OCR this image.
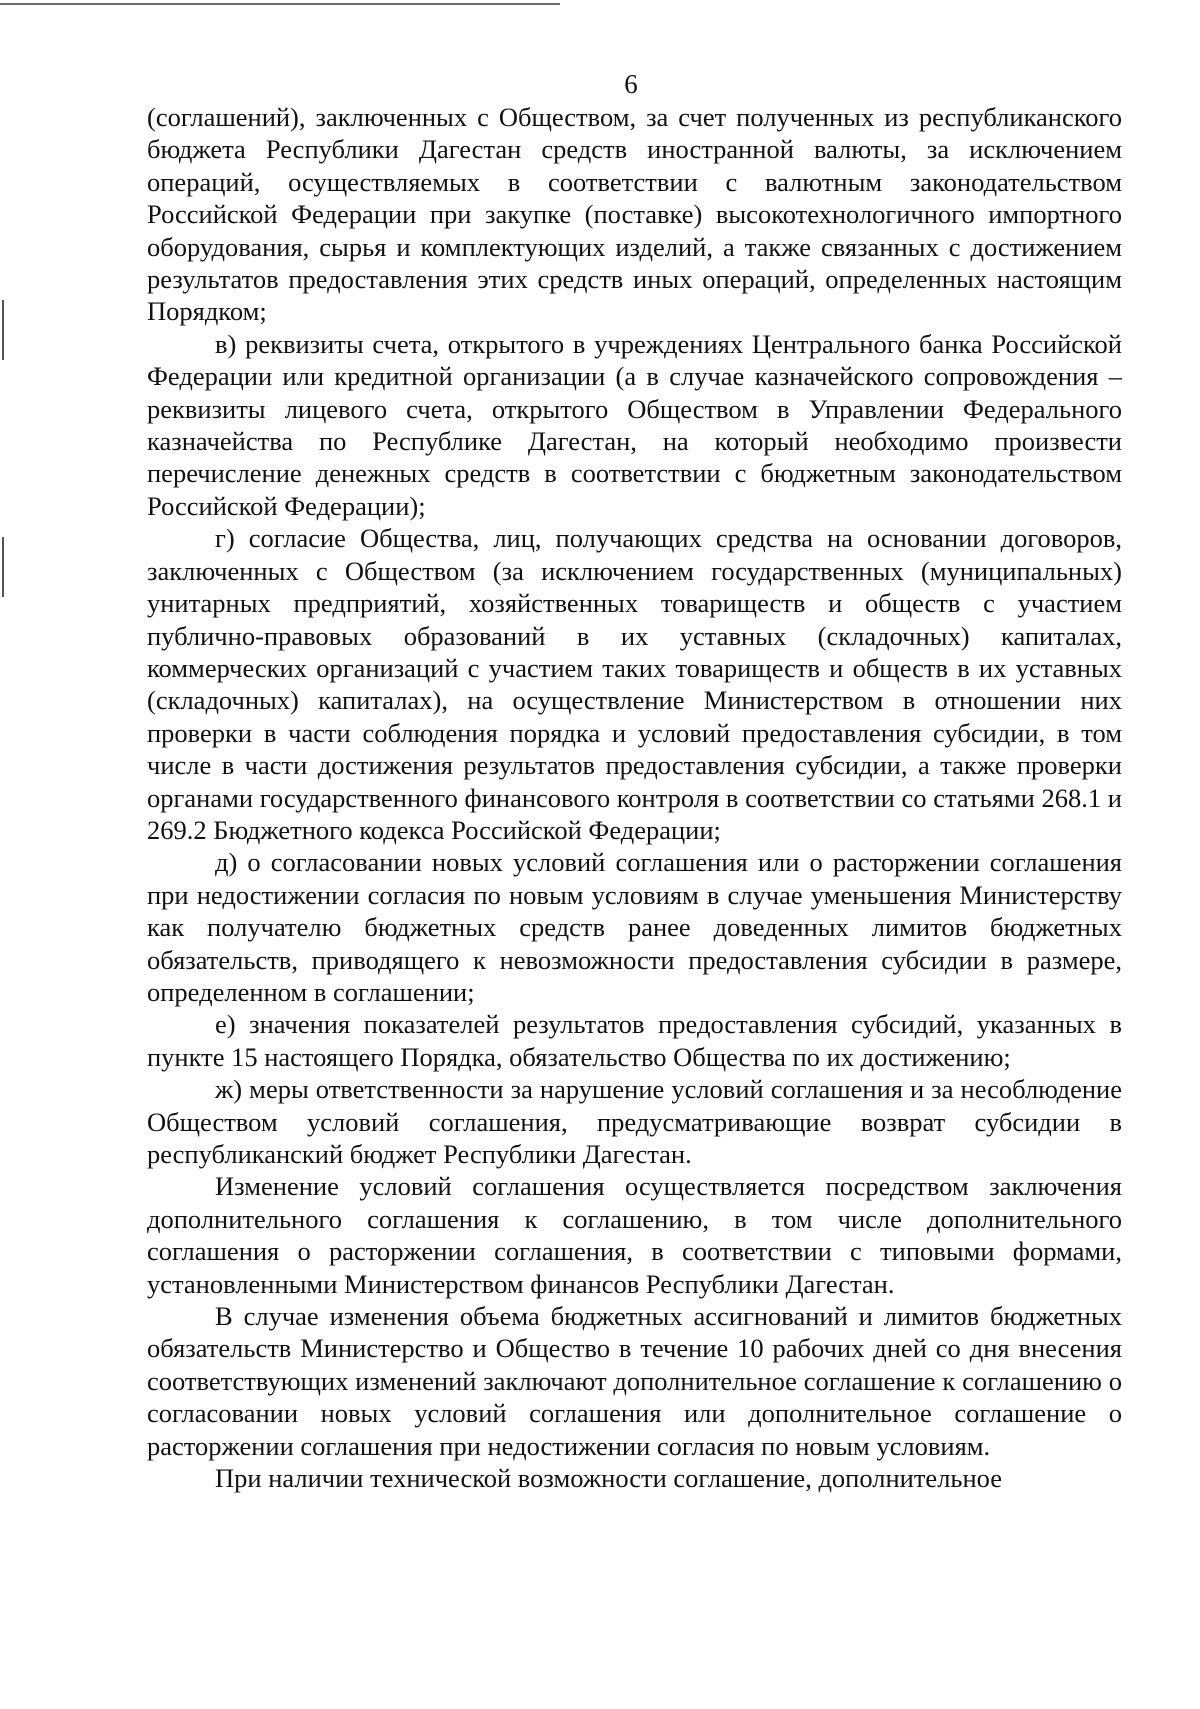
6

(соглашений), заключенных с Обществом, за счет полученных из республиканского бюджета Республики Дагестан средств иностранной валюты, за исключением операций, осуществляемых в соответствии с валютным законодательством Российской Федерации при закупке (поставке) высокотехнологичного импортного оборудования, сырья и комплектующих изделий, а также связанных с достижением результатов предоставления этих средств иных операций, определенных настоящим Порядком;

в) реквизиты счета, открытого в учреждениях Центрального банка Российской Федерации или кредитной организации (а в случае казначейского сопровождения – реквизиты лицевого счета, открытого Обществом в Управлении Федерального казначейства по Республике Дагестан, на который необходимо произвести перечисление денежных средств в соответствии с бюджетным законодательством Российской Федерации);

г) согласие Общества, лиц, получающих средства на основании договоров, заключенных с Обществом (за исключением государственных (муниципальных) унитарных предприятий, хозяйственных товариществ и обществ с участием публично-правовых образований в их уставных (складочных) капиталах, коммерческих организаций с участием таких товариществ и обществ в их уставных (складочных) капиталах), на осуществление Министерством в отношении них проверки в части соблюдения порядка и условий предоставления субсидии, в том числе в части достижения результатов предоставления субсидии, а также проверки органами государственного финансового контроля в соответствии со статьями 268.1 и 269.2 Бюджетного кодекса Российской Федерации;

д) о согласовании новых условий соглашения или о расторжении соглашения при недостижении согласия по новым условиям в случае уменьшения Министерству как получателю бюджетных средств ранее доведенных лимитов бюджетных обязательств, приводящего к невозможности предоставления субсидии в размере, определенном в соглашении;

е) значения показателей результатов предоставления субсидий, указанных в пункте 15 настоящего Порядка, обязательство Общества по их достижению;

ж) меры ответственности за нарушение условий соглашения и за несоблюдение Обществом условий соглашения, предусматривающие возврат субсидии в республиканский бюджет Республики Дагестан.

Изменение условий соглашения осуществляется посредством заключения дополнительного соглашения к соглашению, в том числе дополнительного соглашения о расторжении соглашения, в соответствии с типовыми формами, установленными Министерством финансов Республики Дагестан.

В случае изменения объема бюджетных ассигнований и лимитов бюджетных обязательств Министерство и Общество в течение 10 рабочих дней со дня внесения соответствующих изменений заключают дополнительное соглашение к соглашению о согласовании новых условий соглашения или дополнительное соглашение о расторжении соглашения при недостижении согласия по новым условиям.

При наличии технической возможности соглашение, дополнительное
